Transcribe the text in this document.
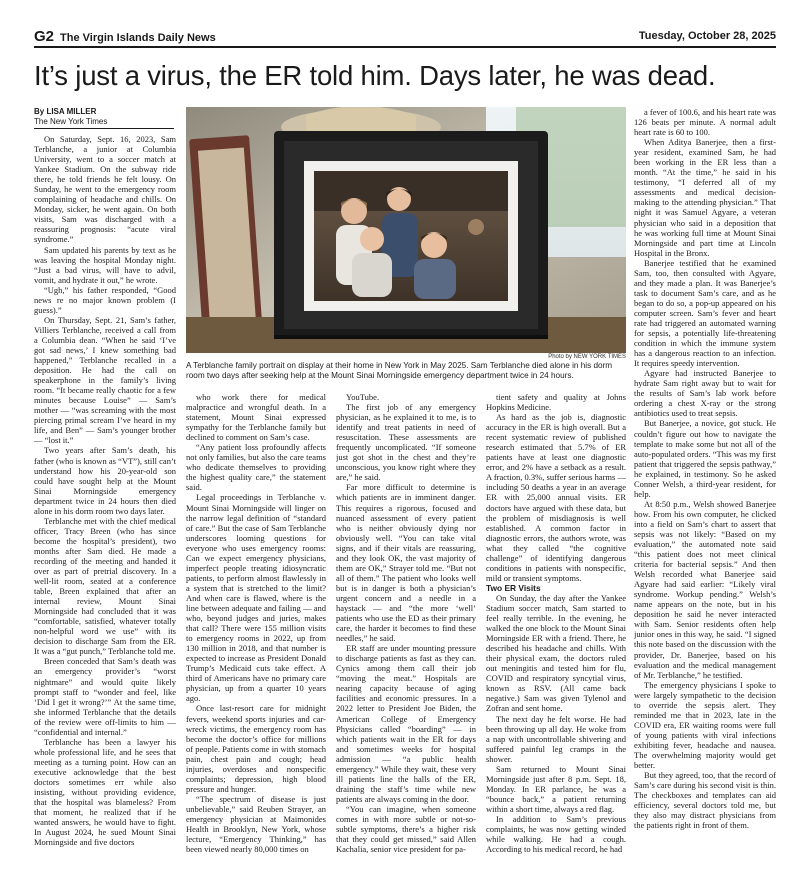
G2 The Virgin Islands Daily News	Tuesday, October 28, 2025
It’s just a virus, the ER told him. Days later, he was dead.
By LISA MILLER
The New York Times
Photo by NEW YORK TIMES
A Terblanche family portrait on display at their home in New York in May 2025. Sam Terblanche died alone in his dorm room two days after seeking help at the Mount Sinai Morningside emergency department twice in 24 hours.

On Saturday, Sept. 16, 2023, Sam Terblanche, a junior at Columbia University, went to a soccer match at Yankee Stadium. On the subway ride there, he told friends he felt lousy. On Sunday, he went to the emergency room complaining of headache and chills. On Monday, sicker, he went again. On both visits, Sam was discharged with a reassuring prognosis: “acute viral syndrome.”

Sam updated his parents by text as he was leaving the hospital Monday night. “Just a bad virus, will have to advil, vomit, and hydrate it out,” he wrote.

“Ugh,” his father responded, “Good news re no major known problem (I guess).”

On Thursday, Sept. 21, Sam’s father, Villiers Terblanche, received a call from a Columbia dean. “When he said ‘I’ve got sad news,’ I knew something bad happened,” Terblanche recalled in a deposition. He had the call on speakerphone in the family’s living room. “It became really chaotic for a few minutes because Louise” — Sam’s mother — “was screaming with the most piercing primal scream I’ve heard in my life, and Ben” — Sam’s younger brother — “lost it.”

Two years after Sam’s death, his father (who is known as “VT”), still can’t understand how his 20-year-old son could have sought help at the Mount Sinai Morningside emergency department twice in 24 hours then died alone in his dorm room two days later.

Terblanche met with the chief medical officer, Tracy Breen (who has since become the hospital’s president), two months after Sam died. He made a recording of the meeting and handed it over as part of pretrial discovery. In a well-lit room, seated at a conference table, Breen explained that after an internal review, Mount Sinai Morningside had concluded that it was “comfortable, satisfied, whatever totally non-helpful word we use” with its decision to discharge Sam from the ER. It was a “gut punch,” Terblanche told me.

Breen conceded that Sam’s death was an emergency provider’s “worst nightmare” and would quite likely prompt staff to “wonder and feel, like ‘Did I get it wrong?’” At the same time, she informed Terblanche that the details of the review were off-limits to him — “confidential and internal.”

Terblanche has been a lawyer his whole professional life, and he sees that meeting as a turning point. How can an executive acknowledge that the best doctors sometimes err while also insisting, without providing evidence, that the hospital was blameless? From that moment, he realized that if he wanted answers, he would have to fight. In August 2024, he sued Mount Sinai Morningside and five doctors

who work there for medical malpractice and wrongful death. In a statement, Mount Sinai expressed sympathy for the Terblanche family but declined to comment on Sam’s case.

“Any patient loss profoundly affects not only families, but also the care teams who dedicate themselves to providing the highest quality care,” the statement said.

Legal proceedings in Terblanche v. Mount Sinai Morningside will linger on the narrow legal definition of “standard of care.” But the case of Sam Terblanche underscores looming questions for everyone who uses emergency rooms: Can we expect emergency physicians, imperfect people treating idiosyncratic patients, to perform almost flawlessly in a system that is stretched to the limit? And when care is flawed, where is the line between adequate and failing — and who, beyond judges and juries, makes that call? There were 155 million visits to emergency rooms in 2022, up from 130 million in 2018, and that number is expected to increase as President Donald Trump’s Medicaid cuts take effect. A third of Americans have no primary care physician, up from a quarter 10 years ago.

Once last-resort care for midnight fevers, weekend sports injuries and car-wreck victims, the emergency room has become the doctor’s office for millions of people. Patients come in with stomach pain, chest pain and cough; head injuries, overdoses and nonspecific complaints; depression, high blood pressure and hunger.

“The spectrum of disease is just unbelievable,” said Reuben Strayer, an emergency physician at Maimonides Health in Brooklyn, New York, whose lecture, “Emergency Thinking,” has been viewed nearly 80,000 times on

YouTube.

The first job of any emergency physician, as he explained it to me, is to identify and treat patients in need of resuscitation. These assessments are frequently uncomplicated. “If someone just got shot in the chest and they’re unconscious, you know right where they are,” he said.

Far more difficult to determine is which patients are in imminent danger. This requires a rigorous, focused and nuanced assessment of every patient who is neither obviously dying nor obviously well. “You can take vital signs, and if their vitals are reassuring, and they look OK, the vast majority of them are OK,” Strayer told me. “But not all of them.” The patient who looks well but is in danger is both a physician’s urgent concern and a needle in a haystack — and “the more ‘well’ patients who use the ED as their primary care, the harder it becomes to find these needles,” he said.

ER staff are under mounting pressure to discharge patients as fast as they can. Cynics among them call their job “moving the meat.” Hospitals are nearing capacity because of aging facilities and economic pressures. In a 2022 letter to President Joe Biden, the American College of Emergency Physicians called “boarding” — in which patients wait in the ER for days and sometimes weeks for hospital admission — “a public health emergency.” While they wait, these very ill patients line the halls of the ER, draining the staff’s time while new patients are always coming in the door.

“You can imagine, when someone comes in with more subtle or not-so-subtle symptoms, there’s a higher risk that they could get missed,” said Allen Kachalia, senior vice president for pa-

tient safety and quality at Johns Hopkins Medicine.

As hard as the job is, diagnostic accuracy in the ER is high overall. But a recent systematic review of published research estimated that 5.7% of ER patients have at least one diagnostic error, and 2% have a setback as a result. A fraction, 0.3%, suffer serious harms — including 50 deaths a year in an average ER with 25,000 annual visits. ER doctors have argued with these data, but the problem of misdiagnosis is well established. A common factor in diagnostic errors, the authors wrote, was what they called “the cognitive challenge” of identifying dangerous conditions in patients with nonspecific, mild or transient symptoms.

Two ER Visits

On Sunday, the day after the Yankee Stadium soccer match, Sam started to feel really terrible. In the evening, he walked the one block to the Mount Sinai Morningside ER with a friend. There, he described his headache and chills. With their physical exam, the doctors ruled out meningitis and tested him for flu, COVID and respiratory syncytial virus, known as RSV. (All came back negative.) Sam was given Tylenol and Zofran and sent home.

The next day he felt worse. He had been throwing up all day. He woke from a nap with uncontrollable shivering and suffered painful leg cramps in the shower.

Sam returned to Mount Sinai Morningside just after 8 p.m. Sept. 18, Monday. In ER parlance, he was a “bounce back,” a patient returning within a short time, always a red flag.

In addition to Sam’s previous complaints, he was now getting winded while walking. He had a cough. According to his medical record, he had

a fever of 100.6, and his heart rate was 126 beats per minute. A normal adult heart rate is 60 to 100.

When Aditya Banerjee, then a first-year resident, examined Sam, he had been working in the ER less than a month. “At the time,” he said in his testimony, “I deferred all of my assessments and medical decision-making to the attending physician.” That night it was Samuel Agyare, a veteran physician who said in a deposition that he was working full time at Mount Sinai Morningside and part time at Lincoln Hospital in the Bronx.

Banerjee testified that he examined Sam, too, then consulted with Agyare, and they made a plan. It was Banerjee’s task to document Sam’s care, and as he began to do so, a pop-up appeared on his computer screen. Sam’s fever and heart rate had triggered an automated warning for sepsis, a potentially life-threatening condition in which the immune system has a dangerous reaction to an infection. It requires speedy intervention.

Agyare had instructed Banerjee to hydrate Sam right away but to wait for the results of Sam’s lab work before ordering a chest X-ray or the strong antibiotics used to treat sepsis.

But Banerjee, a novice, got stuck. He couldn’t figure out how to navigate the template to make some but not all of the auto-populated orders. “This was my first patient that triggered the sepsis pathway,” he explained, in testimony. So he asked Conner Welsh, a third-year resident, for help.

At 8:50 p.m., Welsh showed Banerjee how. From his own computer, he clicked into a field on Sam’s chart to assert that sepsis was not likely: “Based on my evaluation,” the automated note said “this patient does not meet clinical criteria for bacterial sepsis.” And then Welsh recorded what Banerjee said Agyare had said earlier: “Likely viral syndrome. Workup pending.” Welsh’s name appears on the note, but in his deposition he said he never interacted with Sam. Senior residents often help junior ones in this way, he said. “I signed this note based on the discussion with the provider, Dr. Banerjee, based on his evaluation and the medical management of Mr. Terblanche,” he testified.

The emergency physicians I spoke to were largely sympathetic to the decision to override the sepsis alert. They reminded me that in 2023, late in the COVID era, ER waiting rooms were full of young patients with viral infections exhibiting fever, headache and nausea. The overwhelming majority would get better.

But they agreed, too, that the record of Sam’s care during his second visit is thin. The checkboxes and templates can aid efficiency, several doctors told me, but they also may distract physicians from the patients right in front of them.
